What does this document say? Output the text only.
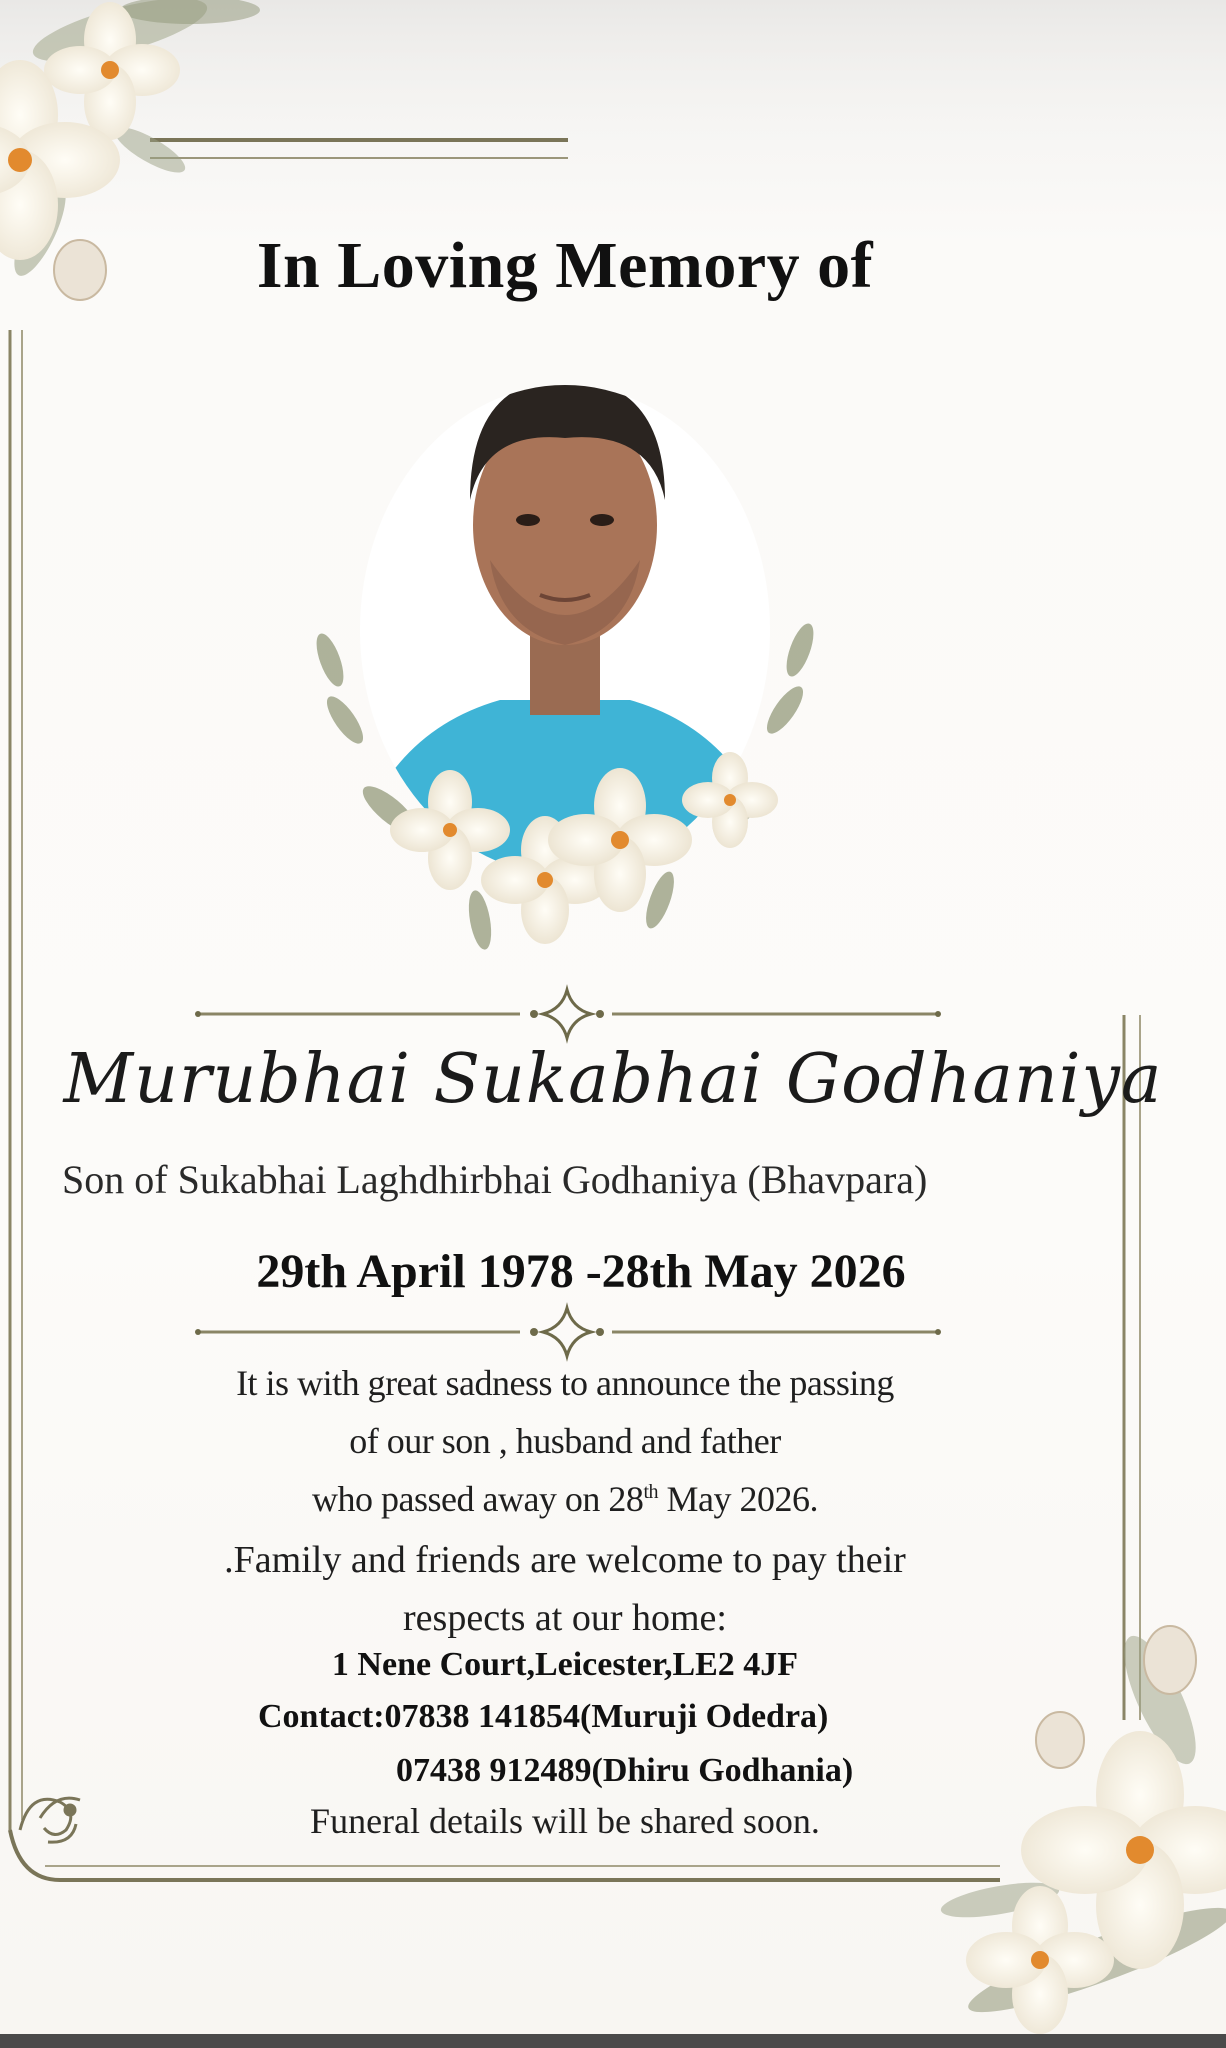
In Loving Memory of
Murubhai Sukabhai Godhaniya
Son of Sukabhai Laghdhirbhai Godhaniya (Bhavpara)
29th April 1978 -28th May 2026
It is with great sadness to announce the passing
of our son , husband and father
who passed away on 28th May 2026.
.Family and friends are welcome to pay their
respects at our home:
1 Nene Court,Leicester,LE2 4JF
Contact:07838 141854(Muruji Odedra)
07438 912489(Dhiru Godhania)
Funeral details will be shared soon.
